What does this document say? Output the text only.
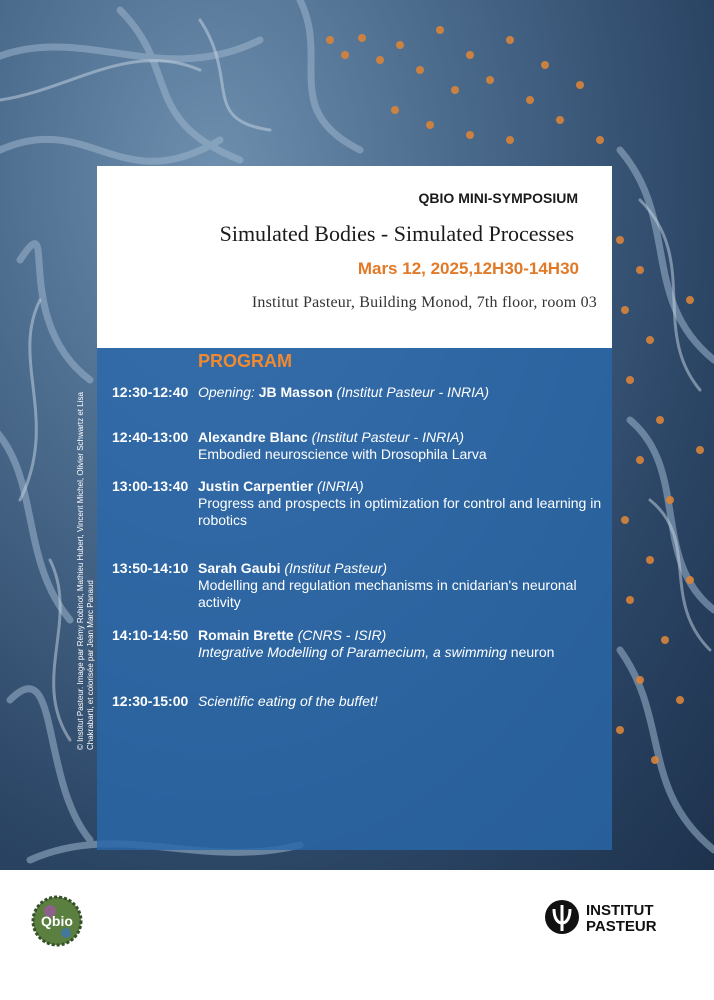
QBIO MINI-SYMPOSIUM
Simulated Bodies - Simulated Processes
Mars 12, 2025,12H30-14H30
Institut Pasteur, Building Monod, 7th floor, room 03
PROGRAM
12:30-12:40 Opening: JB Masson (Institut Pasteur - INRIA)
12:40-13:00 Alexandre Blanc (Institut Pasteur - INRIA)
Embodied neuroscience with Drosophila Larva
13:00-13:40 Justin Carpentier (INRIA)
Progress and prospects in optimization for control and learning in robotics
13:50-14:10 Sarah Gaubi (Institut Pasteur)
Modelling and regulation mechanisms in cnidarian's neuronal activity
14:10-14:50 Romain Brette (CNRS - ISIR)
Integrative Modelling of Paramecium, a swimming neuron
12:30-15:00 Scientific eating of the buffet!
© Institut Pasteur. Image par Rémy Robinot, Mathieu Hubert, Vincent Michel, Olivier Schwartz et Lisa Chakrabarti, et colorisée par Jean Marc Panaud
Qbio
INSTITUT
PASTEUR
